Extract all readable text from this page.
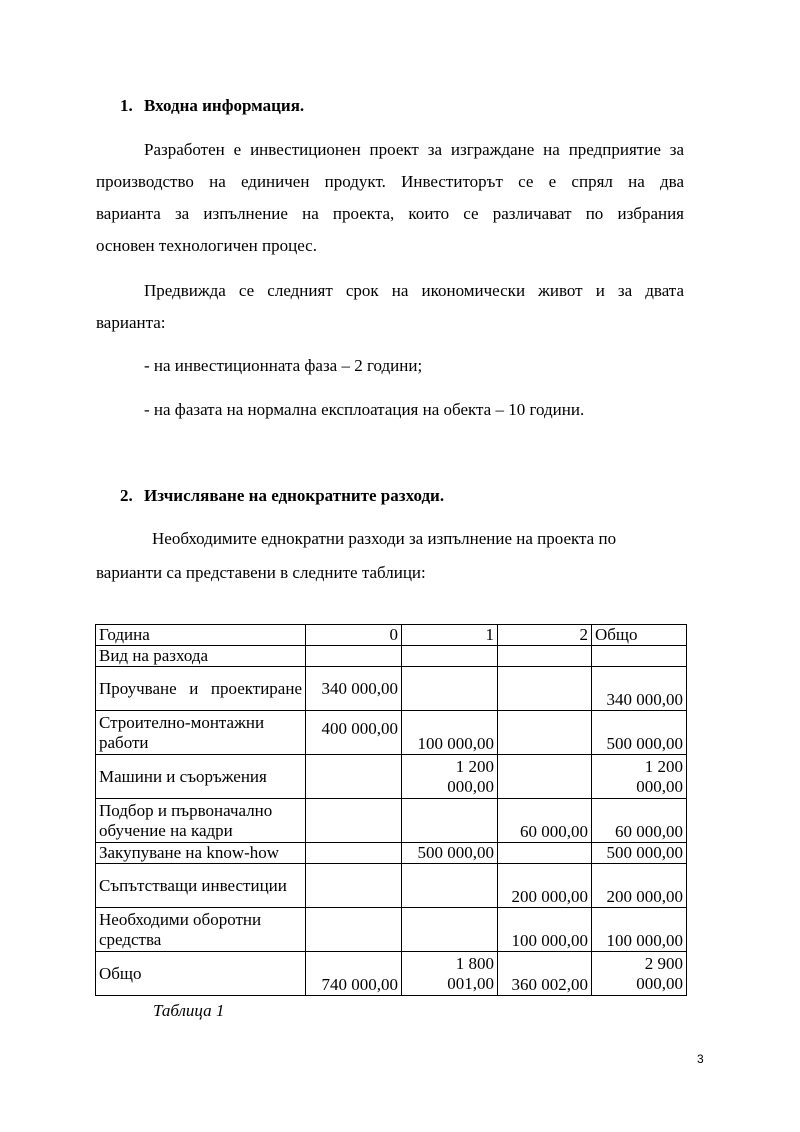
1. Входна информация.
Разработен е инвестиционен проект за изграждане на предприятие за
производство на единичен продукт. Инвеститорът се е спрял на два
варианта за изпълнение на проекта, които се различават по избрания
основен технологичен процес.
Предвижда се следният срок на икономически живот и за двата
варианта:
- на инвестиционната фаза – 2 години;
- на фазата на нормална експлоатация на обекта – 10 години.
2. Изчисляване на еднократните разходи.
Необходимите еднократни разходи за изпълнение на проекта по
варианти са представени в следните таблици:
Година	0	1	2	Общо
Вид на разхода				
Проучване и проектиране	340 000,00			340 000,00
Строително-монтажни работи	400 000,00	100 000,00		500 000,00
Машини и съоръжения		1 200 000,00		1 200 000,00
Подбор и първоначално обучение на кадри			60 000,00	60 000,00
Закупуване на know-how		500 000,00		500 000,00
Съпътстващи инвестиции			200 000,00	200 000,00
Необходими оборотни средства			100 000,00	100 000,00
Общо	740 000,00	1 800 001,00	360 002,00	2 900 000,00
Таблица 1
3
